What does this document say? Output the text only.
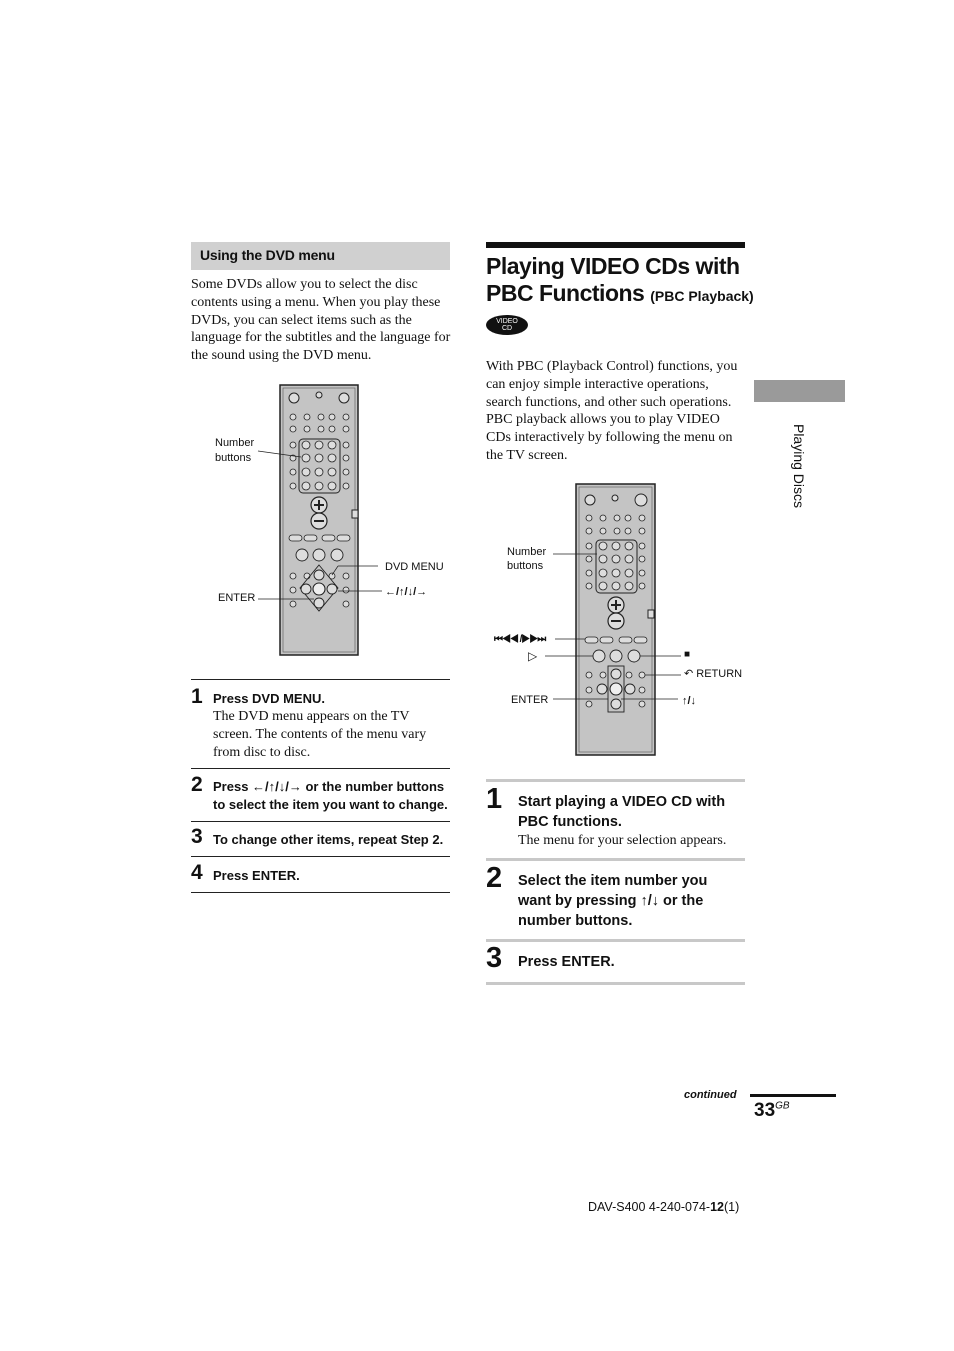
Using the DVD menu
Some DVDs allow you to select the disc contents using a menu. When you play these DVDs, you can select items such as the language for the subtitles and the language for the sound using the DVD menu.
Number
buttons
DVD MENU
ENTER	←/↑/↓/→
1 Press DVD MENU.
The DVD menu appears on the TV screen. The contents of the menu vary from disc to disc.
2 Press ←/↑/↓/→ or the number buttons to select the item you want to change.
3 To change other items, repeat Step 2.
4 Press ENTER.
Playing VIDEO CDs with
PBC Functions (PBC Playback)
VIDEO
CD
With PBC (Playback Control) functions, you can enjoy simple interactive operations, search functions, and other such operations. PBC playback allows you to play VIDEO CDs interactively by following the menu on the TV screen.	Playing Discs
Number
buttons
⏮◀◀ /▶▶⏭
▷
ENTER
■
↶ RETURN
↑/↓
1 Start playing a VIDEO CD with PBC functions.
The menu for your selection appears.
2 Select the item number you want by pressing ↑/↓ or the number buttons.
3 Press ENTER.
continued
$33^{GB}$
DAV-S400 4-240-074-12(1)
